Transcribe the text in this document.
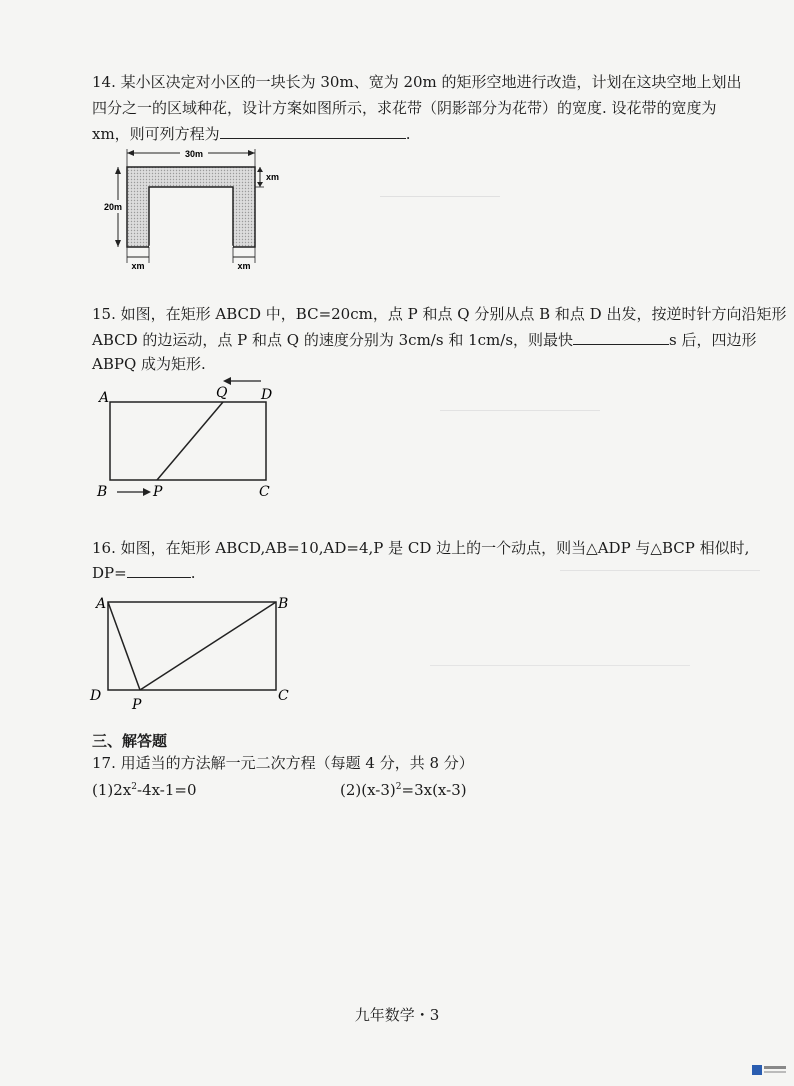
14. 某小区决定对小区的一块长为 30m、宽为 20m 的矩形空地进行改造，计划在这块空地上划出
四分之一的区域种花，设计方案如图所示，求花带（阴影部分为花带）的宽度. 设花带的宽度为
xm，则可列方程为	.
30m
20m
xm
xm	xm
15. 如图，在矩形 ABCD 中，BC=20cm，点 P 和点 Q 分别从点 B 和点 D 出发，按逆时针方向沿矩形
ABCD 的边运动，点 P 和点 Q 的速度分别为 3cm/s 和 1cm/s，则最快	s 后，四边形
ABPQ 成为矩形.
A	Q D
B	P	C
16. 如图，在矩形 ABCD,AB=10,AD=4,P 是 CD 边上的一个动点，则当△ADP 与△BCP 相似时,
DP=	.
A	B
D
P
C
三、解答题
17. 用适当的方法解一元二次方程（每题 4 分，共 8 分）
$(1)2x^2-4x-1=0$	$(2)(x-3)^2=3x(x-3)$
九年数学・3
